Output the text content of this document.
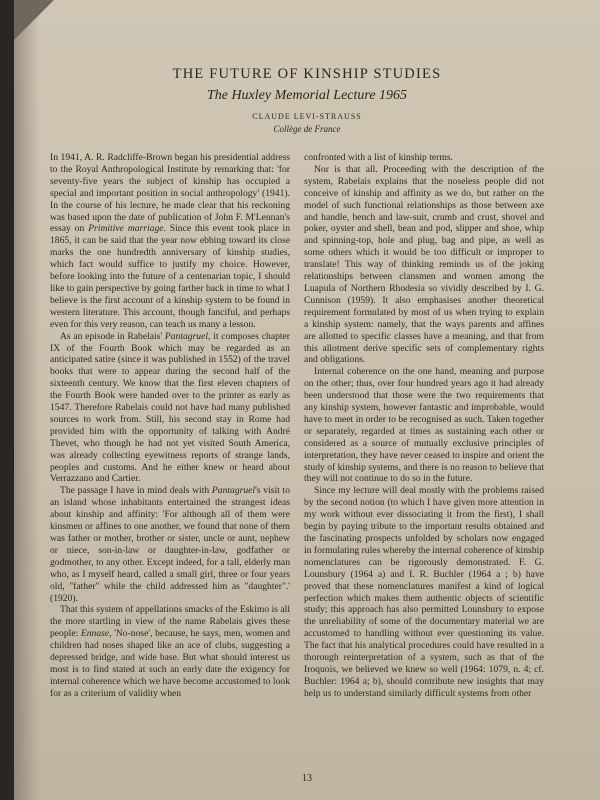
THE FUTURE OF KINSHIP STUDIES
The Huxley Memorial Lecture 1965
CLAUDE LEVI-STRAUSS
Collège de France

In 1941, A. R. Radcliffe-Brown began his presidential address to the Royal Anthropological Institute by remarking that: 'for seventy-five years the subject of kinship has occupied a special and important position in social anthropology' (1941). In the course of his lecture, he made clear that his reckoning was based upon the date of publication of John F. M'Lennan's essay on Primitive marriage. Since this event took place in 1865, it can be said that the year now ebbing toward its close marks the one hundredth anniversary of kinship studies, which fact would suffice to justify my choice. However, before looking into the future of a centenarian topic, I should like to gain perspective by going farther back in time to what I believe is the first account of a kinship system to be found in western literature. This account, though fanciful, and perhaps even for this very reason, can teach us many a lesson.

As an episode in Rabelais' Pantagruel, it composes chapter IX of the Fourth Book which may be regarded as an anticipated satire (since it was published in 1552) of the travel books that were to appear during the second half of the sixteenth century. We know that the first eleven chapters of the Fourth Book were handed over to the printer as early as 1547. Therefore Rabelais could not have had many published sources to work from. Still, his second stay in Rome had provided him with the opportunity of talking with André Thevet, who though he had not yet visited South America, was already collecting eyewitness reports of strange lands, peoples and customs. And he either knew or heard about Verrazzano and Cartier.

The passage I have in mind deals with Pantagruel's visit to an island whose inhabitants entertained the strangest ideas about kinship and affinity: 'For although all of them were kinsmen or affines to one another, we found that none of them was father or mother, brother or sister, uncle or aunt, nephew or niece, son-in-law or daughter-in-law, godfather or godmother, to any other. Except indeed, for a tall, elderly man who, as I myself heard, called a small girl, three or four years old, "father" while the child addressed him as "daughter".' (1920).

That this system of appellations smacks of the Eskimo is all the more startling in view of the name Rabelais gives these people: Ennase, 'No-nose', because, he says, men, women and children had noses shaped like an ace of clubs, suggesting a depressed bridge, and wide base. But what should interest us most is to find stated at such an early date the exigency for internal coherence which we have become accustomed to look for as a criterium of validity when

confronted with a list of kinship terms.

Nor is that all. Proceeding with the description of the system, Rabelais explains that the noseless people did not conceive of kinship and affinity as we do, but rather on the model of such functional relationships as those between axe and handle, bench and law-suit, crumb and crust, shovel and poker, oyster and shell, bean and pod, slipper and shoe, whip and spinning-top, hole and plug, bag and pipe, as well as some others which it would be too difficult or improper to translate! This way of thinking reminds us of the joking relationships between clansmen and women among the Luapula of Northern Rhodesia so vividly described by I. G. Cunnison (1959). It also emphasises another theoretical requirement formulated by most of us when trying to explain a kinship system: namely, that the ways parents and affines are allotted to specific classes have a meaning, and that from this allotment derive specific sets of complementary rights and obligations.

Internal coherence on the one hand, meaning and purpose on the other; thus, over four hundred years ago it had already been understood that those were the two requirements that any kinship system, however fantastic and improbable, would have to meet in order to be recognised as such. Taken together or separately, regarded at times as sustaining each other or considered as a source of mutually exclusive principles of interpretation, they have never ceased to inspire and orient the study of kinship systems, and there is no reason to believe that they will not continue to do so in the future.

Since my lecture will deal mostly with the problems raised by the second notion (to which I have given more attention in my work without ever dissociating it from the first), I shall begin by paying tribute to the important results obtained and the fascinating prospects unfolded by scholars now engaged in formulating rules whereby the internal coherence of kinship nomenclatures can be rigorously demonstrated. F. G. Lounsbury (1964 a) and I. R. Buchler (1964 a ; b) have proved that these nomenclatures manifest a kind of logical perfection which makes them authentic objects of scientific study; this approach has also permitted Lounsbury to expose the unreliability of some of the documentary material we are accustomed to handling without ever questioning its value. The fact that his analytical procedures could have resulted in a thorough reinterpretation of a system, such as that of the Iroquois, we believed we knew so well (1964: 1079, n. 4; cf. Buchler: 1964 a; b), should contribute new insights that may help us to understand similarly difficult systems from other

13
